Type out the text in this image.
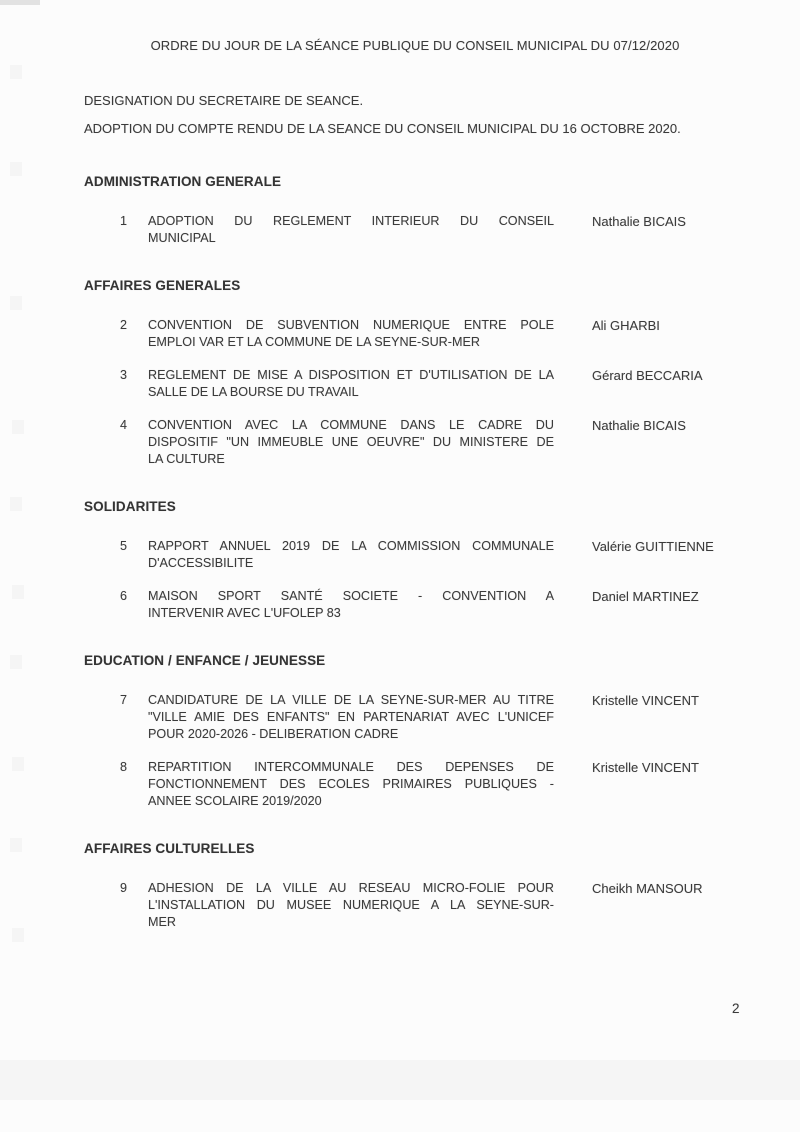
ORDRE DU JOUR DE LA SÉANCE PUBLIQUE DU CONSEIL MUNICIPAL DU 07/12/2020
DESIGNATION DU SECRETAIRE DE SEANCE.
ADOPTION DU COMPTE RENDU DE LA SEANCE DU CONSEIL MUNICIPAL DU 16 OCTOBRE 2020.
ADMINISTRATION GENERALE
1	ADOPTION DU REGLEMENT INTERIEUR DU CONSEIL
MUNICIPAL
Nathalie BICAIS
AFFAIRES GENERALES
2	CONVENTION DE SUBVENTION NUMERIQUE ENTRE POLE
EMPLOI VAR ET LA COMMUNE DE LA SEYNE-SUR-MER
Ali GHARBI
3	REGLEMENT DE MISE A DISPOSITION ET D'UTILISATION DE LA
SALLE DE LA BOURSE DU TRAVAIL
Gérard BECCARIA
4	CONVENTION AVEC LA COMMUNE DANS LE CADRE DU
DISPOSITIF "UN IMMEUBLE UNE OEUVRE" DU MINISTERE DE
LA CULTURE
Nathalie BICAIS
SOLIDARITES
5	RAPPORT ANNUEL 2019 DE LA COMMISSION COMMUNALE
D'ACCESSIBILITE
Valérie GUITTIENNE
6	MAISON SPORT SANTÉ SOCIETE - CONVENTION A
INTERVENIR AVEC L'UFOLEP 83
Daniel MARTINEZ
EDUCATION / ENFANCE / JEUNESSE
7	CANDIDATURE DE LA VILLE DE LA SEYNE-SUR-MER AU TITRE
"VILLE AMIE DES ENFANTS" EN PARTENARIAT AVEC L'UNICEF
POUR 2020-2026 - DELIBERATION CADRE
Kristelle VINCENT
8	REPARTITION INTERCOMMUNALE DES DEPENSES DE
FONCTIONNEMENT DES ECOLES PRIMAIRES PUBLIQUES -
ANNEE SCOLAIRE 2019/2020
Kristelle VINCENT
AFFAIRES CULTURELLES
9	ADHESION DE LA VILLE AU RESEAU MICRO-FOLIE POUR
L'INSTALLATION DU MUSEE NUMERIQUE A LA SEYNE-SUR-
MER
Cheikh MANSOUR
2
